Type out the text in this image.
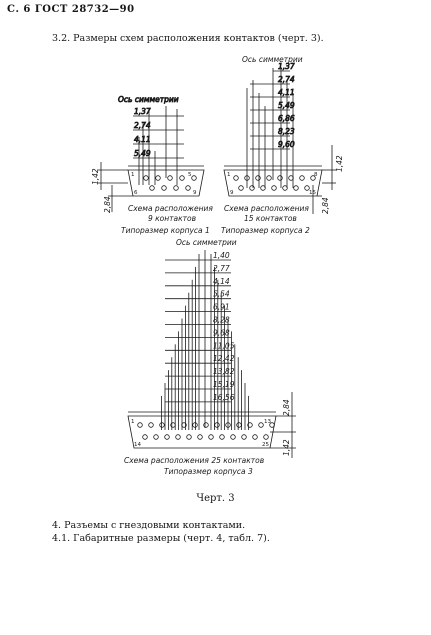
С. 6 ГОСТ 28732—90
3.2. Размеры схем расположения контактов (черт. 3).
Ось симметрии
1,37
2,74
4,11
5,49
1,37
2,74
4,11
5,49
6,86
8,23
9,60
1	5
6	9
1,42
2,84 Схема расположения
9 контактов
Типоразмер корпуса 1
Ось симметрии
1	8
9	15
1,42
2,84
Схема расположения
15 контактов
Типоразмер корпуса 2
Ось симметрии
1,40
2,77
4,14
5,54
6,91
8,28
9,68
11,05
12,42
13,82
15,19
16,56
1	13
14	25
2,84
1,42
Схема расположения 25 контактов
Типоразмер корпуса 3
Черт. 3
4. Разъемы с гнездовыми контактами.
4.1. Габаритные размеры (черт. 4, табл. 7).
